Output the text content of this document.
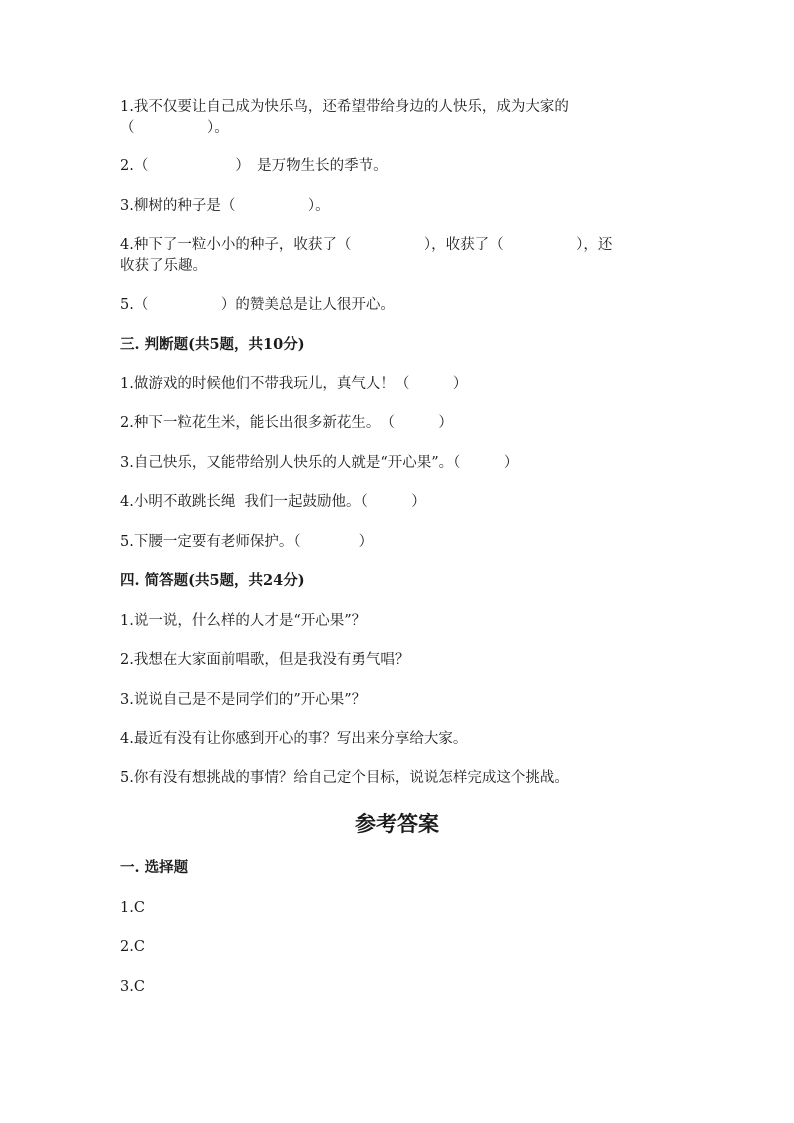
1.我不仅要让自己成为快乐鸟，还希望带给身边的人快乐，成为大家的
（　　　　　）。
2.（　　　　　　）　是万物生长的季节。
3.柳树的种子是（　　　　　）。
4.种下了一粒小小的种子，收获了（　　　　　），收获了（　　　　　），还
收获了乐趣。
5.（　　　　　）的赞美总是让人很开心。
三. 判断题(共5题，共10分)
1.做游戏的时候他们不带我玩儿，真气人！（　　　）
2.种下一粒花生米，能长出很多新花生。　（　　　）
3.自己快乐，又能带给别人快乐的人就是“开心果”。（　　　）
4.小明不敢跳长绳  我们一起鼓励他。（　　　）
5.下腰一定要有老师保护。（　　　　）
四. 简答题(共5题，共24分)
1.说一说，什么样的人才是“开心果”？
2.我想在大家面前唱歌，但是我没有勇气唱？
3.说说自己是不是同学们的”开心果”？
4.最近有没有让你感到开心的事？写出来分享给大家。
5.你有没有想挑战的事情？给自己定个目标，说说怎样完成这个挑战。
参考答案
一. 选择题
1.C
2.C
3.C
